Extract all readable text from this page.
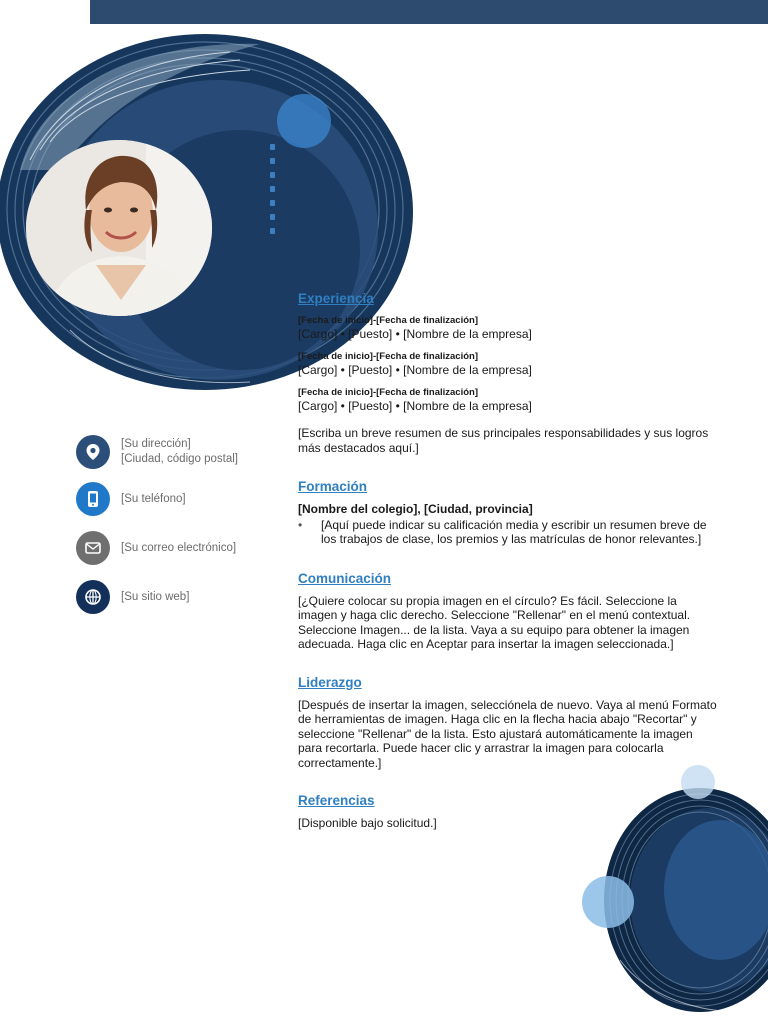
[Su dirección]
[Ciudad, código postal]
[Su teléfono]
[Su correo electrónico]
[Su sitio web]
Experiencia
[Fecha de inicio]-[Fecha de finalización]
[Cargo] • [Puesto] • [Nombre de la empresa]
[Fecha de inicio]-[Fecha de finalización]
[Cargo] • [Puesto] • [Nombre de la empresa]
[Fecha de inicio]-[Fecha de finalización]
[Cargo] • [Puesto] • [Nombre de la empresa]
[Escriba un breve resumen de sus principales responsabilidades y sus logros más destacados aquí.]
Formación
[Nombre del colegio], [Ciudad, provincia]
•	[Aquí puede indicar su calificación media y escribir un resumen breve de los trabajos de clase, los premios y las matrículas de honor relevantes.]
Comunicación
[¿Quiere colocar su propia imagen en el círculo? Es fácil. Seleccione la imagen y haga clic derecho. Seleccione "Rellenar" en el menú contextual. Seleccione Imagen... de la lista. Vaya a su equipo para obtener la imagen adecuada. Haga clic en Aceptar para insertar la imagen seleccionada.]
Liderazgo
[Después de insertar la imagen, selecciónela de nuevo. Vaya al menú Formato de herramientas de imagen. Haga clic en la flecha hacia abajo "Recortar" y seleccione "Rellenar" de la lista. Esto ajustará automáticamente la imagen para recortarla. Puede hacer clic y arrastrar la imagen para colocarla correctamente.]
Referencias
[Disponible bajo solicitud.]
